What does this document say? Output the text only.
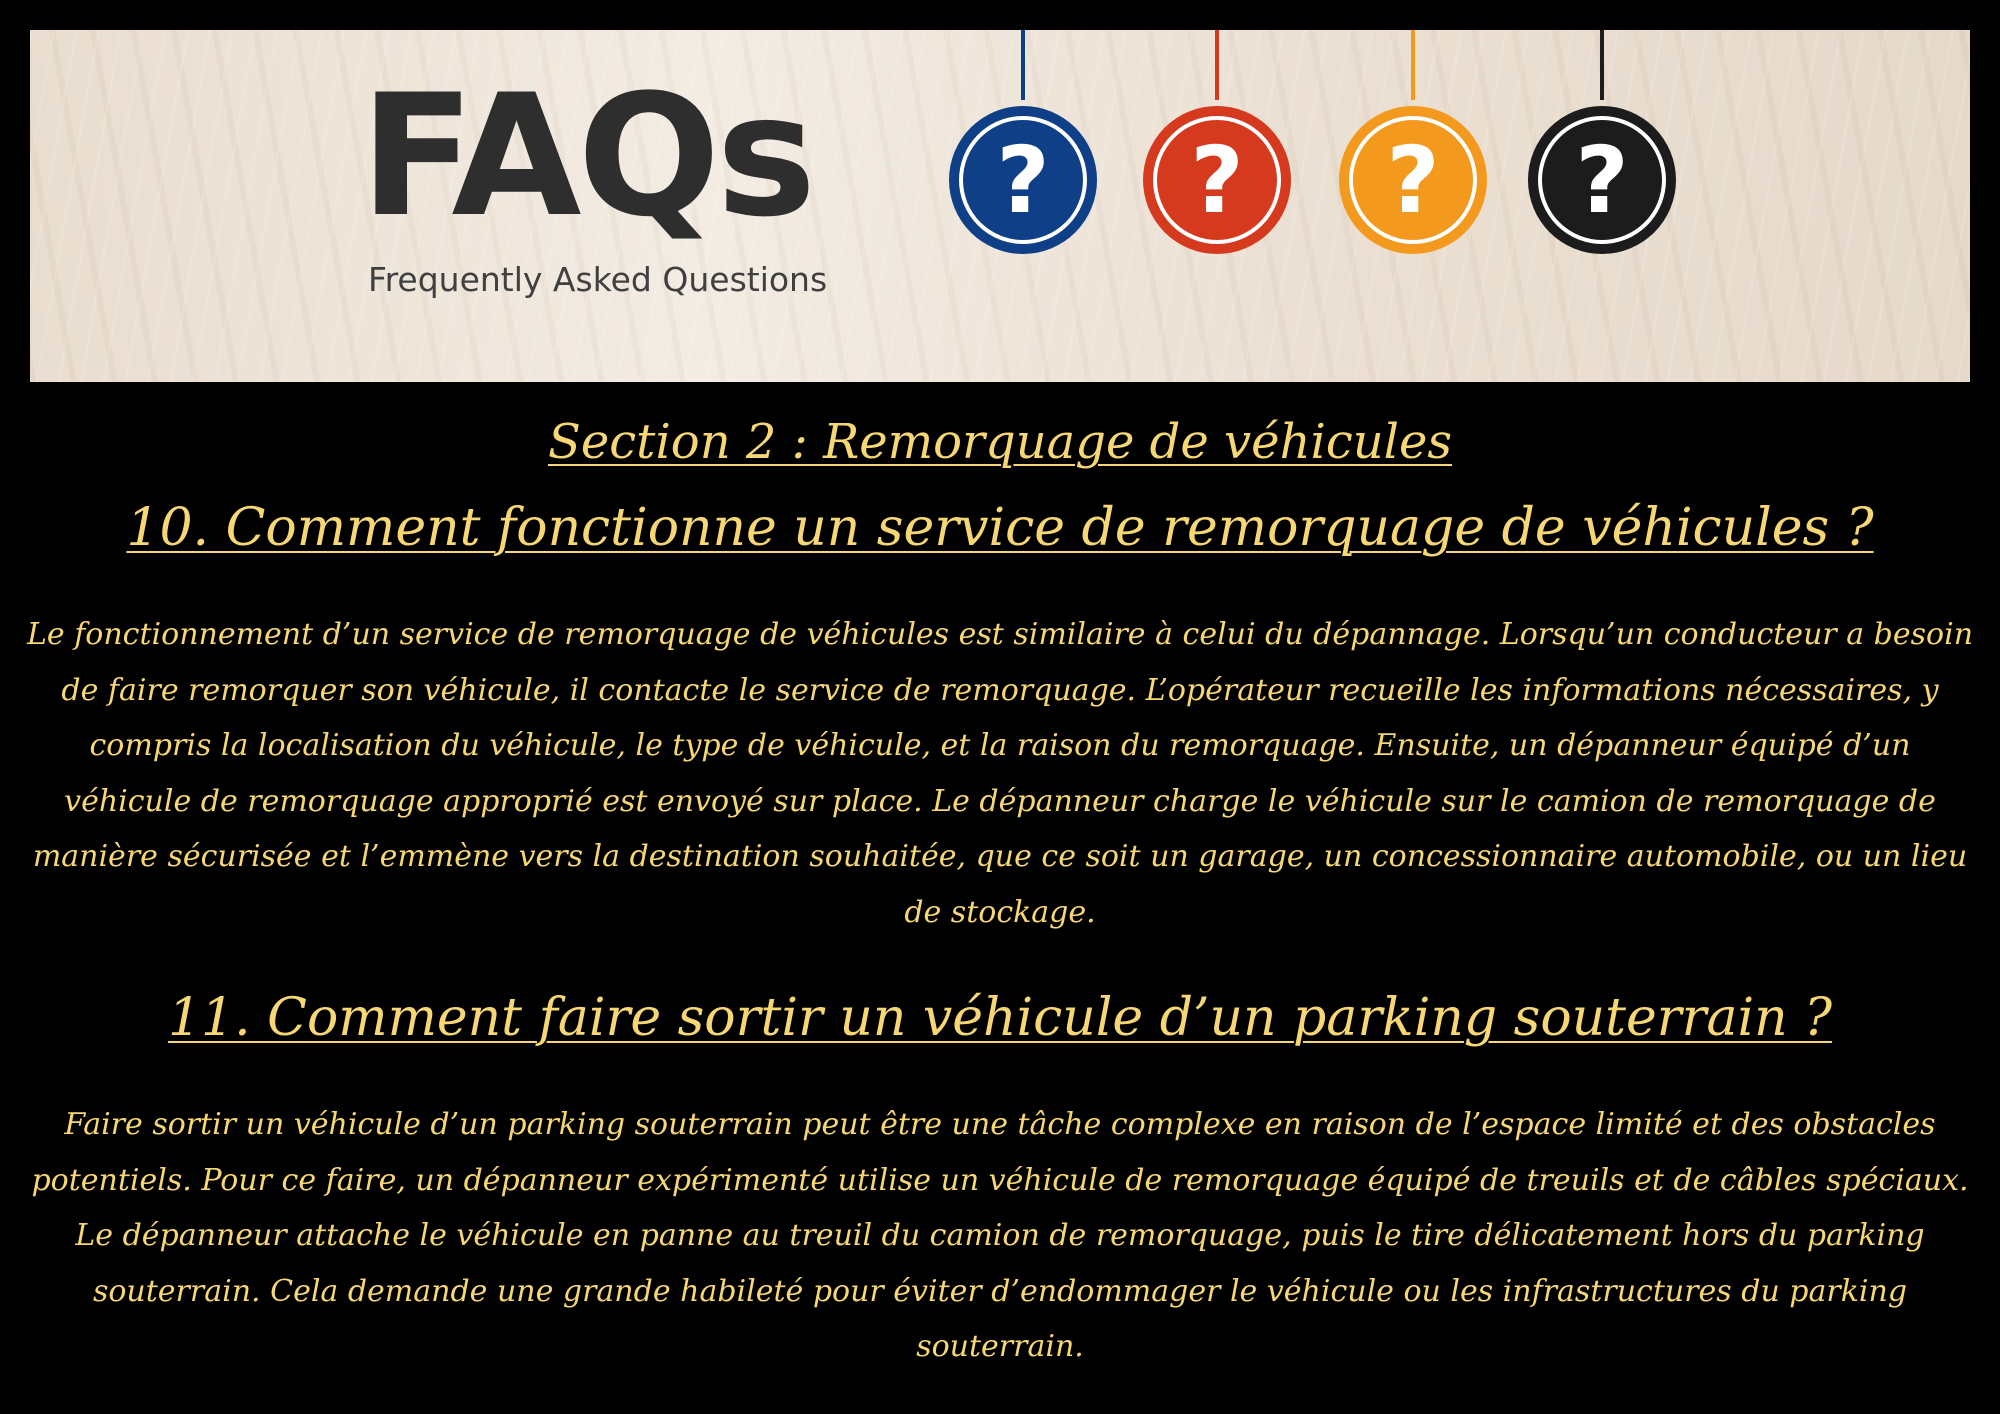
FAQs
Frequently Asked Questions
? ? ? ?
Section 2 : Remorquage de véhicules
10. Comment fonctionne un service de remorquage de véhicules ?

Le fonctionnement d’un service de remorquage de véhicules est similaire à celui du dépannage. Lorsqu’un conducteur a besoin
de faire remorquer son véhicule, il contacte le service de remorquage. L’opérateur recueille les informations nécessaires, y
compris la localisation du véhicule, le type de véhicule, et la raison du remorquage. Ensuite, un dépanneur équipé d’un
véhicule de remorquage approprié est envoyé sur place. Le dépanneur charge le véhicule sur le camion de remorquage de
manière sécurisée et l’emmène vers la destination souhaitée, que ce soit un garage, un concessionnaire automobile, ou un lieu
de stockage.

11. Comment faire sortir un véhicule d’un parking souterrain ?

Faire sortir un véhicule d’un parking souterrain peut être une tâche complexe en raison de l’espace limité et des obstacles
potentiels. Pour ce faire, un dépanneur expérimenté utilise un véhicule de remorquage équipé de treuils et de câbles spéciaux.
Le dépanneur attache le véhicule en panne au treuil du camion de remorquage, puis le tire délicatement hors du parking
souterrain. Cela demande une grande habileté pour éviter d’endommager le véhicule ou les infrastructures du parking
souterrain.
